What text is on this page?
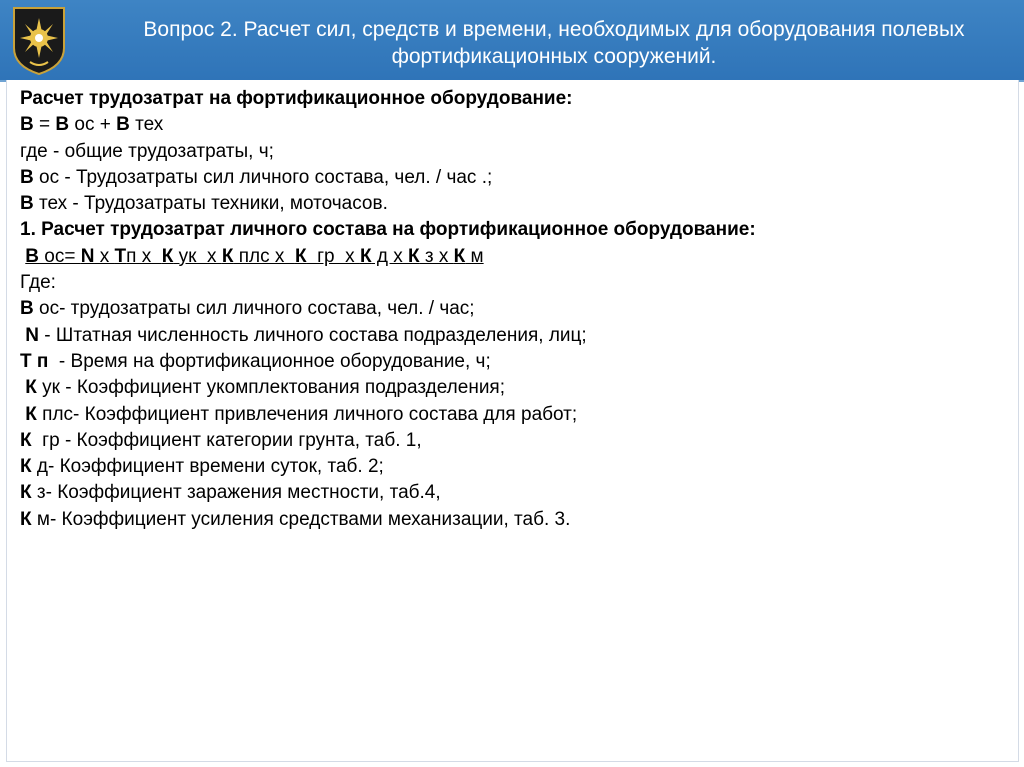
Вопрос 2. Расчет сил, средств и времени, необходимых для оборудования полевых
фортификационных сооружений.
Расчет трудозатрат на фортификационное оборудование:
В = В ос + В тех
где - общие трудозатраты, ч;
В ос - Трудозатраты сил личного состава, чел. / час .;
В тех - Трудозатраты техники, моточасов.
1. Расчет трудозатрат личного состава на фортификационное оборудование:
В ос= N х Тп х  К ук  х К плс х  К  гр  х К д х К з х К м
Где:
В ос- трудозатраты сил личного состава, чел. / час;
N - Штатная численность личного состава подразделения, лиц;
Т п  - Время на фортификационное оборудование, ч;
К ук - Коэффициент укомплектования подразделения;
К плс- Коэффициент привлечения личного состава для работ;
К  гр - Коэффициент категории грунта, таб. 1,
К д- Коэффициент времени суток, таб. 2;
К з- Коэффициент заражения местности, таб.4,
К м- Коэффициент усиления средствами механизации, таб. 3.
